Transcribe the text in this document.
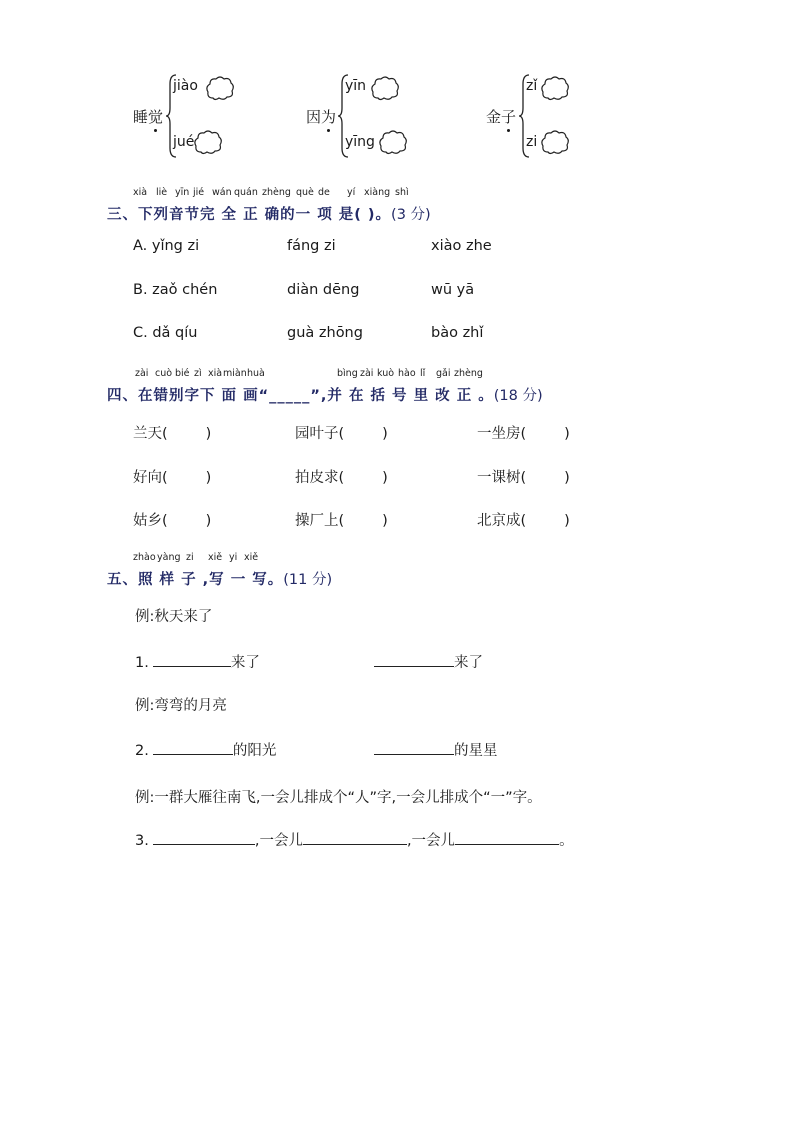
睡觉
jiào
jué
因为
yīn
yīng
金子
zǐ
zi
xià liè yīn jié wán quán zhèng què de yí xiàng shì
三、下列音节完 全 正 确的一 项 是( )。(3 分)
A. yǐng zi	fáng zi	xiào zhe
B. zaǒ chén	diàn dēng	wū yā
C. dǎ qíu	guà zhōng	bào zhǐ
zài cuò bié zì xià miàn huà	bìng zài kuò hào lǐ gǎi zhèng
四、在错别字下 面 画“_____”,并 在 括 号 里 改 正 。(18 分)
兰天(	)	园叶子(	)	一坐房(	)
好向(	)	拍皮求(	)	一课树(	)
姑乡(	)	操厂上(	)	北京成(	)
zhào yàng zi xiě yi xiě
五、照 样 子 ,写 一 写。(11 分)
例:秋天来了
1.	来了	来了
例:弯弯的月亮
2.	的阳光	的星星
例:一群大雁往南飞,一会儿排成个“人”字,一会儿排成个“一”字。
3.	,一会儿	,一会儿	。
